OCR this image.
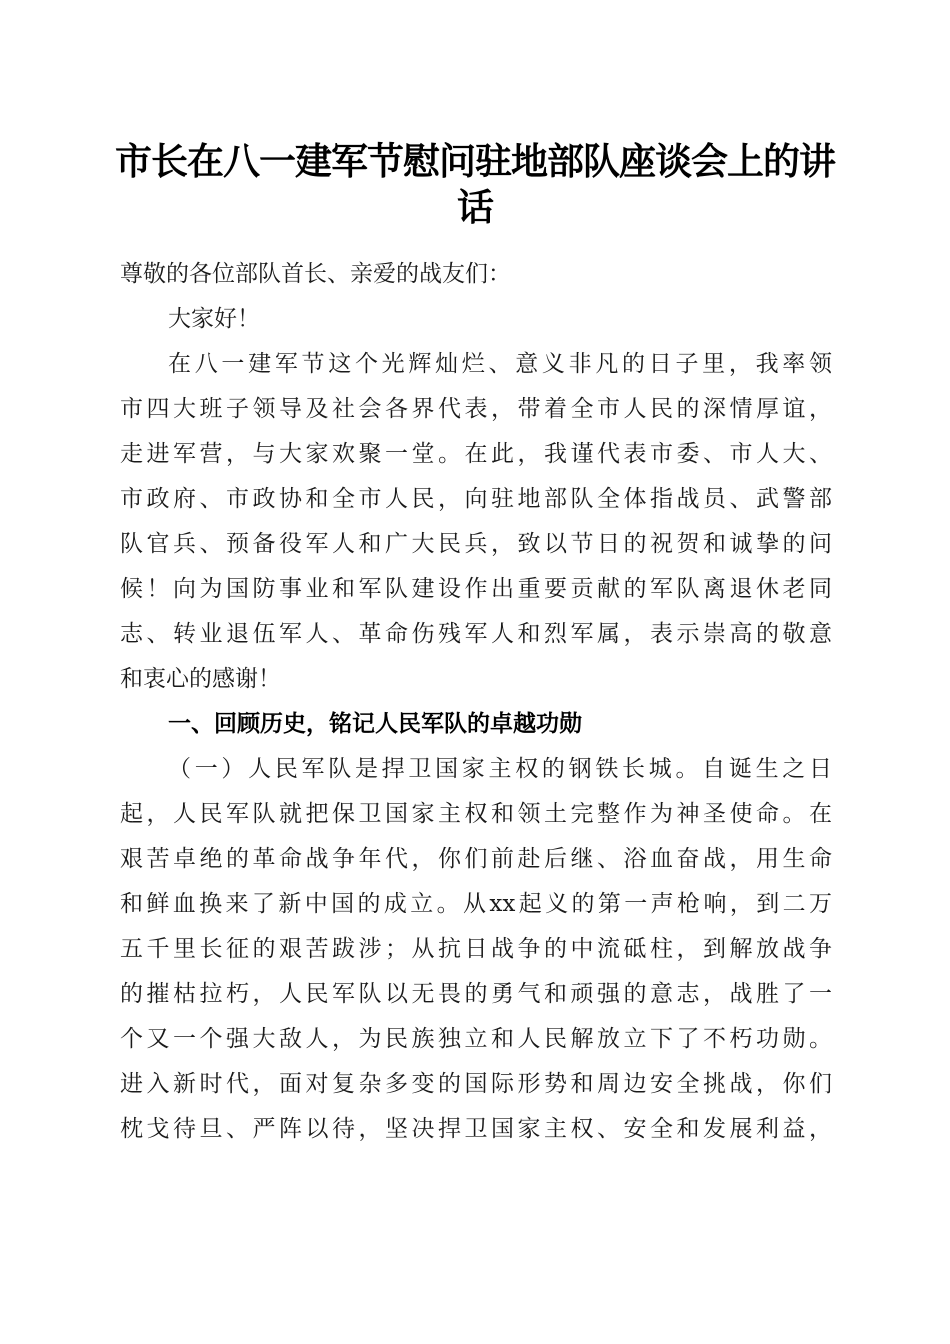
市长在八一建军节慰问驻地部队座谈会上的讲话
尊敬的各位部队首长、亲爱的战友们：
大家好！
在八一建军节这个光辉灿烂、意义非凡的日子里，我率领
市四大班子领导及社会各界代表，带着全市人民的深情厚谊，
走进军营，与大家欢聚一堂。在此，我谨代表市委、市人大、
市政府、市政协和全市人民，向驻地部队全体指战员、武警部
队官兵、预备役军人和广大民兵，致以节日的祝贺和诚挚的问
候！向为国防事业和军队建设作出重要贡献的军队离退休老同
志、转业退伍军人、革命伤残军人和烈军属，表示崇高的敬意
和衷心的感谢！
一、回顾历史，铭记人民军队的卓越功勋
（一）人民军队是捍卫国家主权的钢铁长城。自诞生之日
起，人民军队就把保卫国家主权和领土完整作为神圣使命。在
艰苦卓绝的革命战争年代，你们前赴后继、浴血奋战，用生命
和鲜血换来了新中国的成立。从xx起义的第一声枪响，到二万
五千里长征的艰苦跋涉；从抗日战争的中流砥柱，到解放战争
的摧枯拉朽，人民军队以无畏的勇气和顽强的意志，战胜了一
个又一个强大敌人，为民族独立和人民解放立下了不朽功勋。
进入新时代，面对复杂多变的国际形势和周边安全挑战，你们
枕戈待旦、严阵以待，坚决捍卫国家主权、安全和发展利益，
